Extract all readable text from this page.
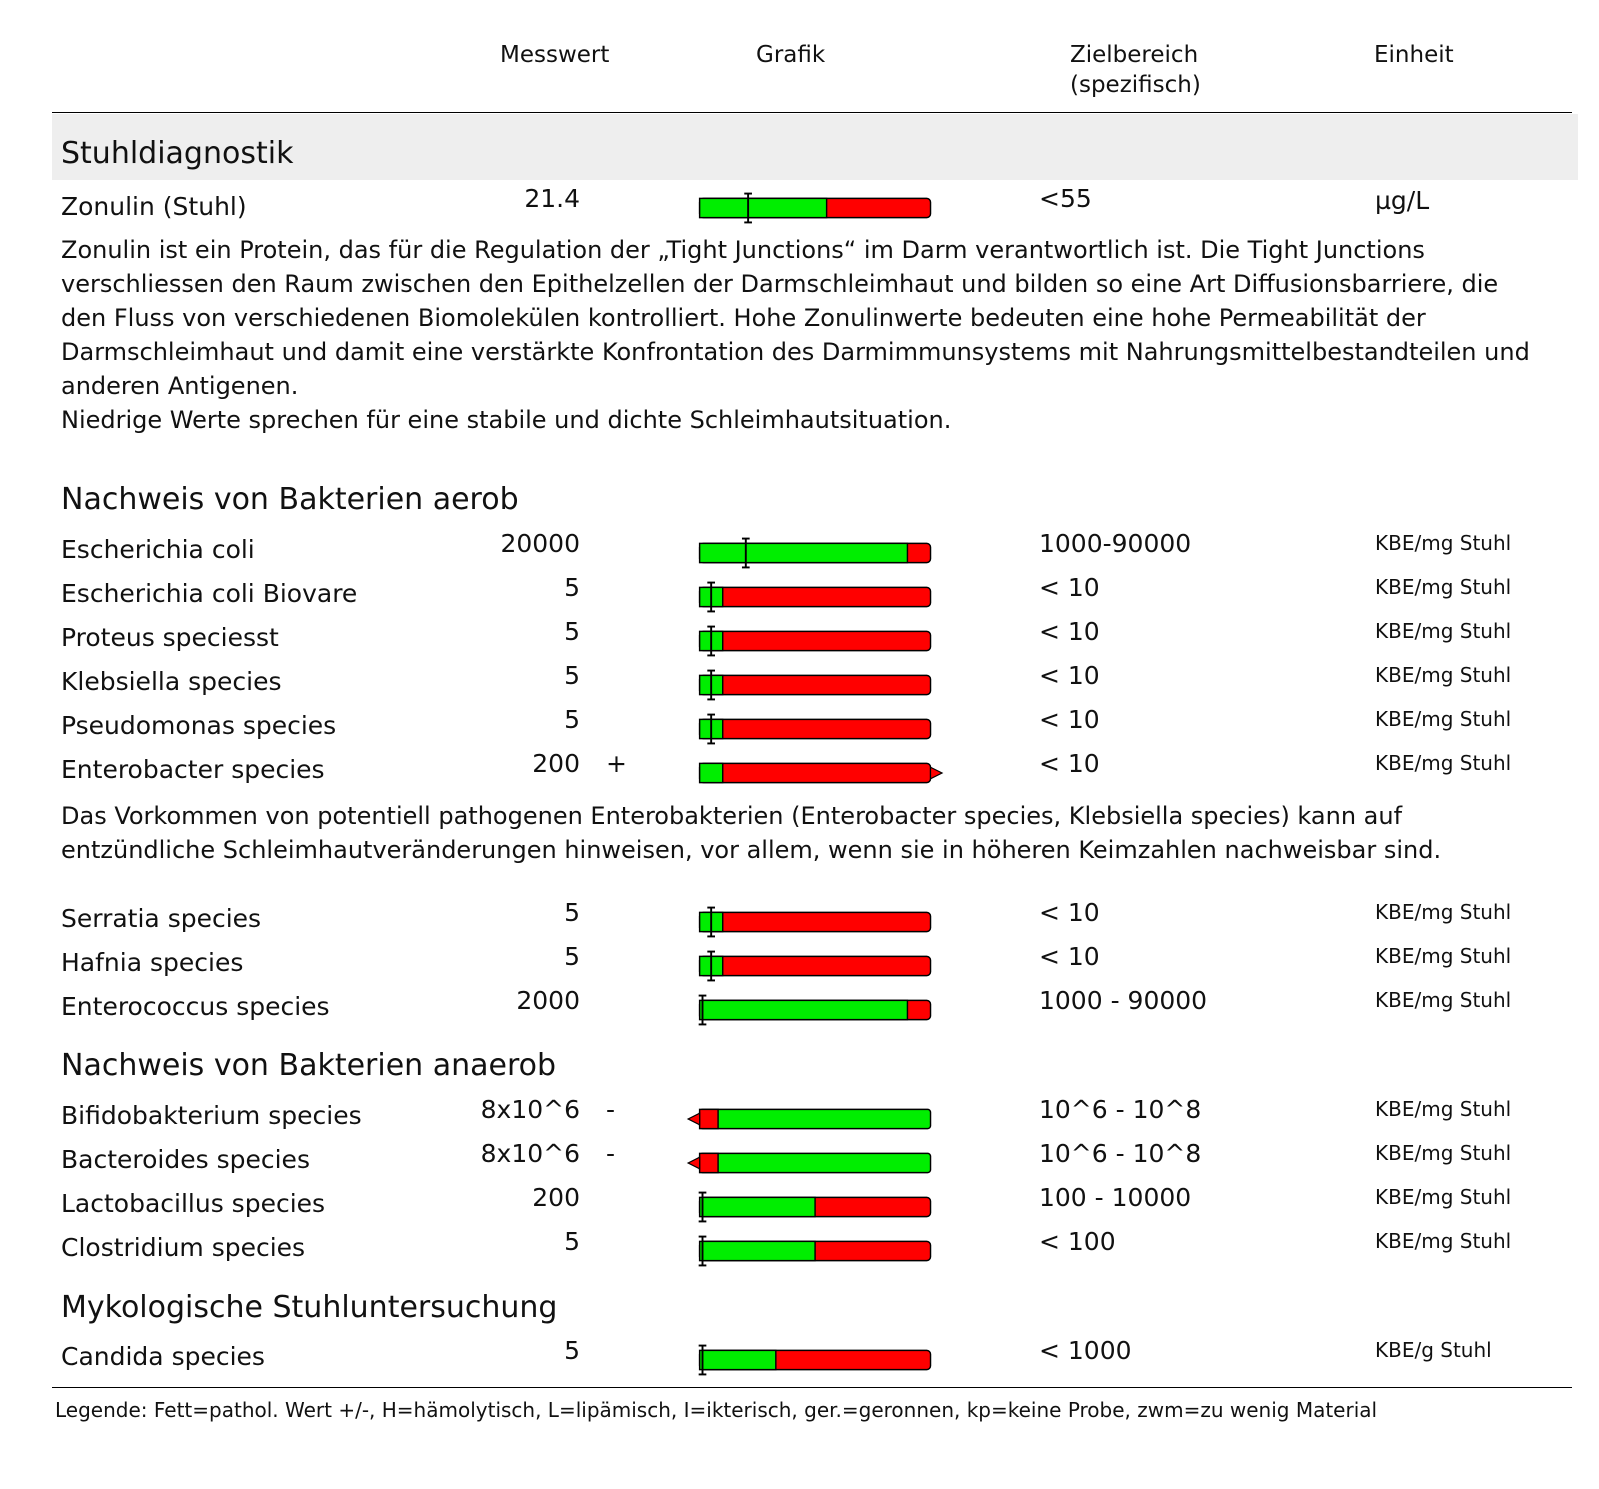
Messwert	Grafik	Zielbereich
(spezifisch)
Einheit
Stuhldiagnostik
Zonulin (Stuhl)	21.4	<55	µg/L
Zonulin ist ein Protein, das für die Regulation der „Tight Junctions“ im Darm verantwortlich ist. Die Tight Junctions
verschliessen den Raum zwischen den Epithelzellen der Darmschleimhaut und bilden so eine Art Diffusionsbarriere, die
den Fluss von verschiedenen Biomolekülen kontrolliert. Hohe Zonulinwerte bedeuten eine hohe Permeabilität der
Darmschleimhaut und damit eine verstärkte Konfrontation des Darmimmunsystems mit Nahrungsmittelbestandteilen und
anderen Antigenen.
Niedrige Werte sprechen für eine stabile und dichte Schleimhautsituation.
Nachweis von Bakterien aerob
Escherichia coli	20000	1000-90000	KBE/mg Stuhl
Escherichia coli Biovare	5	< 10	KBE/mg Stuhl
Proteus speciesst	5	< 10	KBE/mg Stuhl
Klebsiella species	5	< 10	KBE/mg Stuhl
Pseudomonas species	5	< 10	KBE/mg Stuhl
Enterobacter species	200 +	< 10	KBE/mg Stuhl
Das Vorkommen von potentiell pathogenen Enterobakterien (Enterobacter species, Klebsiella species) kann auf
entzündliche Schleimhautveränderungen hinweisen, vor allem, wenn sie in höheren Keimzahlen nachweisbar sind.
Serratia species	5	< 10	KBE/mg Stuhl
Hafnia species	5	< 10	KBE/mg Stuhl
Enterococcus species	2000	1000 - 90000	KBE/mg Stuhl
Nachweis von Bakterien anaerob
Bifidobakterium species	8x10^6 -	10^6 - 10^8	KBE/mg Stuhl
Bacteroides species	8x10^6 -	10^6 - 10^8	KBE/mg Stuhl
Lactobacillus species	200	100 - 10000	KBE/mg Stuhl
Clostridium species	5	< 100	KBE/mg Stuhl
Mykologische Stuhluntersuchung
Candida species	5	< 1000	KBE/g Stuhl
Legende: Fett=pathol. Wert +/-, H=hämolytisch, L=lipämisch, I=ikterisch, ger.=geronnen, kp=keine Probe, zwm=zu wenig Material
